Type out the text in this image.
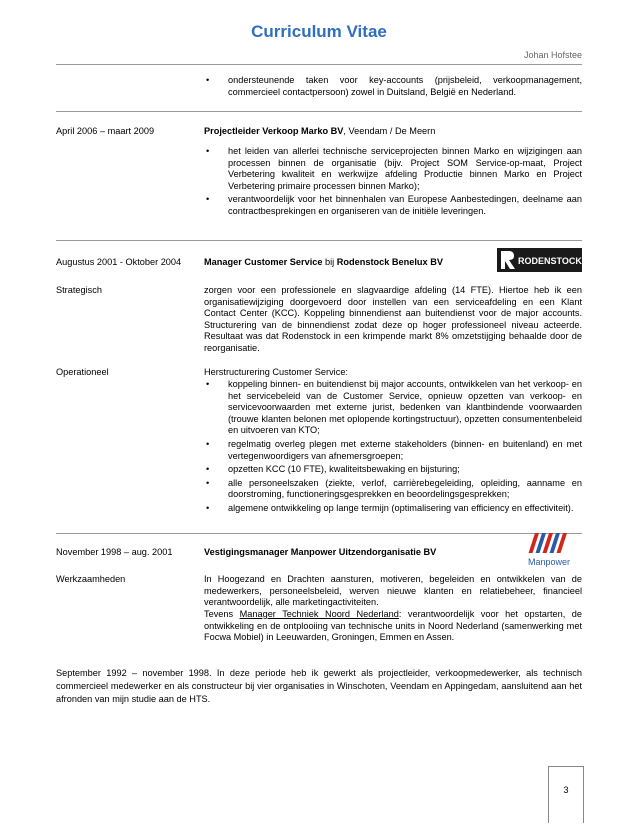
Curriculum Vitae
Johan Hofstee
• ondersteunende taken voor key-accounts (prijsbeleid, verkoopmanagement, commercieel contactpersoon) zowel in Duitsland, België en Nederland.
April 2006 – maart 2009	Projectleider Verkoop Marko BV, Veendam / De Meern
• het leiden van allerlei technische serviceprojecten binnen Marko en wijzigingen aan processen binnen de organisatie (bijv. Project SOM Service-op-maat, Project Verbetering kwaliteit en werkwijze afdeling Productie binnen Marko en Project Verbetering primaire processen binnen Marko);
• verantwoordelijk voor het binnenhalen van Europese Aanbestedingen, deelname aan contractbesprekingen en organiseren van de initiële leveringen.
Augustus 2001 - Oktober 2004 Manager Customer Service bij Rodenstock Benelux BV	RODENSTOCK
Strategisch	zorgen voor een professionele en slagvaardige afdeling (14 FTE). Hiertoe heb ik een organisatiewijziging doorgevoerd door instellen van een serviceafdeling en een Klant Contact Center (KCC). Koppeling binnendienst aan buitendienst voor de major accounts. Structurering van de binnendienst zodat deze op hoger professioneel niveau acteerde. Resultaat was dat Rodenstock in een krimpende markt 8% omzetstijging behaalde door de reorganisatie.
Operationeel	Herstructurering Customer Service:
• koppeling binnen- en buitendienst bij major accounts, ontwikkelen van het verkoop- en het servicebeleid van de Customer Service, opnieuw opzetten van verkoop- en servicevoorwaarden met externe jurist, bedenken van klantbindende voorwaarden (trouwe klanten belonen met oplopende kortingstructuur), opzetten consumentenbeleid en uitvoeren van KTO;
• regelmatig overleg plegen met externe stakeholders (binnen- en buitenland) en met vertegenwoordigers van afnemersgroepen;
• opzetten KCC (10 FTE), kwaliteitsbewaking en bijsturing;
• alle personeelszaken (ziekte, verlof, carrièrebegeleiding, opleiding, aanname en doorstroming, functioneringsgesprekken en beoordelingsgesprekken;
• algemene ontwikkeling op lange termijn (optimalisering van efficiency en effectiviteit).
November 1998 – aug. 2001	Vestigingsmanager Manpower Uitzendorganisatie BV
Manpower
Werkzaamheden	In Hoogezand en Drachten aansturen, motiveren, begeleiden en ontwikkelen van de medewerkers, personeelsbeleid, werven nieuwe klanten en relatiebeheer, financieel verantwoordelijk, alle marketingactiviteiten.
Tevens Manager Techniek Noord Nederland: verantwoordelijk voor het opstarten, de ontwikkeling en de ontplooiing van technische units in Noord Nederland (samenwerking met Focwa Mobiel) in Leeuwarden, Groningen, Emmen en Assen.
September 1992 – november 1998. In deze periode heb ik gewerkt als projectleider, verkoopmedewerker, als technisch commercieel medewerker en als constructeur bij vier organisaties in Winschoten, Veendam en Appingedam, aansluitend aan het afronden van mijn studie aan de HTS.
3
